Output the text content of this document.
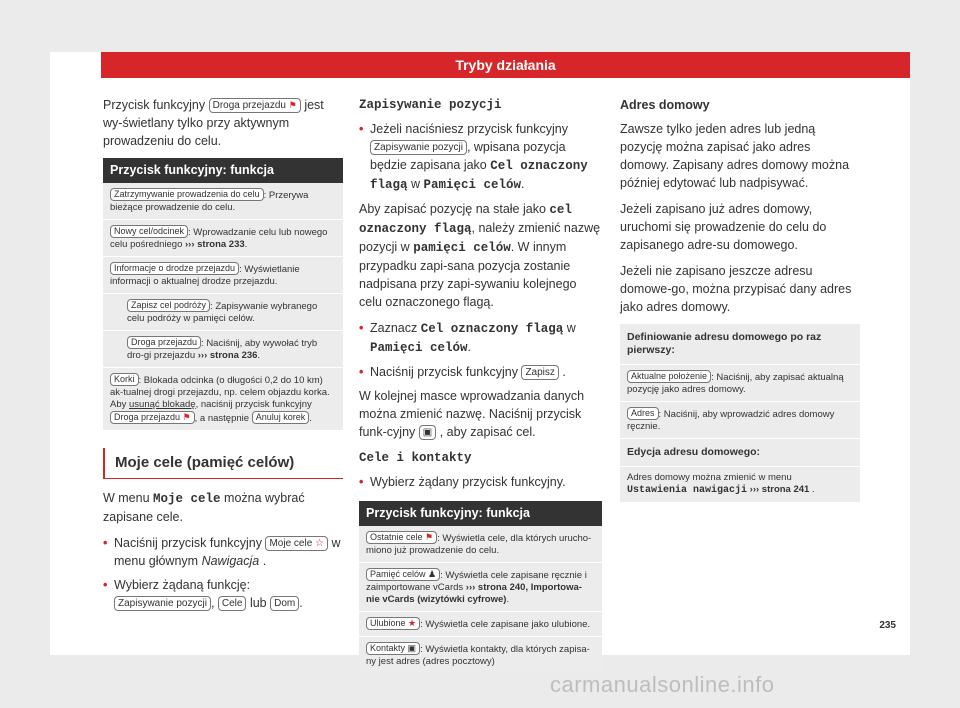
Tryby działania

Przycisk funkcyjny Droga przejazdu ⚑ jest wy-świetlany tylko przy aktywnym prowadzeniu do celu.

Przycisk funkcyjny: funkcja
Zatrzymywanie prowadzenia do celu : Przerywa bieżące prowadzenie do celu.
Nowy cel/odcinek : Wprowadzanie celu lub nowego celu pośredniego ››› strona 233.
Informacje o drodze przejazdu : Wyświetlanie informacji o aktualnej drodze przejazdu.
Zapisz cel podróży : Zapisywanie wybranego celu podróży w pamięci celów.
Droga przejazdu : Naciśnij, aby wywołać tryb dro-gi przejazdu ››› strona 236.
Korki : Blokada odcinka (o długości 0,2 do 10 km) ak-tualnej drogi przejazdu, np. celem objazdu korka. Aby usunąć blokadę, naciśnij przycisk funkcyjny Droga przejazdu ⚑ , a następnie Anuluj korek .
Moje cele (pamięć celów)

W menu Moje cele można wybrać zapisane cele.

• Naciśnij przycisk funkcyjny Moje cele ☆ w menu głównym Nawigacja .

• Wybierz żądaną funkcję:
Zapisywanie pozycji , Cele lub Dom .

Zapisywanie pozycji

• Jeżeli naciśniesz przycisk funkcyjny Zapisywanie pozycji , wpisana pozycja będzie zapisana jako Cel oznaczony flagą w Pamięci celów.

Aby zapisać pozycję na stałe jako cel oznaczony flagą, należy zmienić nazwę pozycji w pamięci celów. W innym przypadku zapi-sana pozycja zostanie nadpisana przy zapi-sywaniu kolejnego celu oznaczonego flagą.

• Zaznacz Cel oznaczony flagą w Pamięci celów.

• Naciśnij przycisk funkcyjny Zapisz .

W kolejnej masce wprowadzania danych można zmienić nazwę. Naciśnij przycisk funk-cyjny ▣ , aby zapisać cel.

Cele i kontakty

• Wybierz żądany przycisk funkcyjny.

Przycisk funkcyjny: funkcja
Ostatnie cele ⚑ : Wyświetla cele, dla których urucho-miono już prowadzenie do celu.
Pamięć celów ♟ : Wyświetla cele zapisane ręcznie i zaimportowane vCards ››› strona 240, Importowa-nie vCards (wizytówki cyfrowe).
Ulubione ★ : Wyświetla cele zapisane jako ulubione.
Kontakty ▣ : Wyświetla kontakty, dla których zapisa-ny jest adres (adres pocztowy)

Adres domowy

Zawsze tylko jeden adres lub jedną pozycję można zapisać jako adres domowy. Zapisany adres domowy można później edytować lub nadpisywać.

Jeżeli zapisano już adres domowy, uruchomi się prowadzenie do celu do zapisanego adre-su domowego.

Jeżeli nie zapisano jeszcze adresu domowe-go, można przypisać dany adres jako adres domowy.

Definiowanie adresu domowego po raz pierwszy:
Aktualne położenie : Naciśnij, aby zapisać aktualną pozycję jako adres domowy.
Adres : Naciśnij, aby wprowadzić adres domowy ręcznie.
Edycja adresu domowego:
Adres domowy można zmienić w menu Ustawienia nawigacji ››› strona 241 .
235
carmanualsonline.info
